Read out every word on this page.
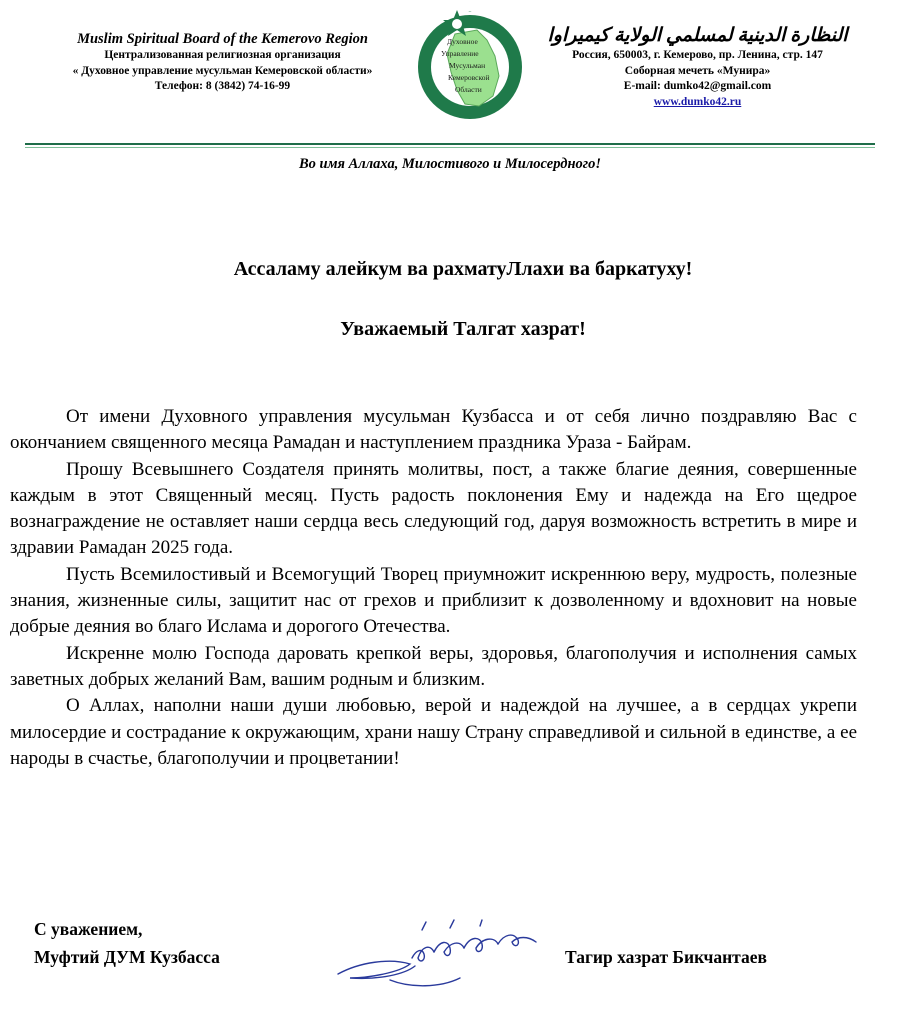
Muslim Spiritual Board of the Kemerovo Region
Централизованная религиозная организация
« Духовное управление мусульман Кемеровской области»
Телефон: 8 (3842) 74-16-99
~
Духовное
Управление
Мусульман
Кемеровской
Области
النظارة الدينية لمسلمي الولاية كيميراوا
Россия, 650003, г. Кемерово, пр. Ленина, стр. 147
Соборная мечеть «Мунира»
E-mail: dumko42@gmail.com
www.dumko42.ru
Во имя Аллаха, Милостивого и Милосердного!
Ассаламу алейкум ва рахматуЛлахи ва баркатуху!
Уважаемый Талгат хазрат!

От имени Духовного управления мусульман Кузбасса и от себя лично поздравляю Вас с окончанием священного месяца Рамадан и наступлением праздника Ураза - Байрам.

Прошу Всевышнего Создателя принять молитвы, пост, а также благие деяния, совершенные каждым в этот Священный месяц. Пусть радость поклонения Ему и надежда на Его щедрое вознаграждение не оставляет наши сердца весь следующий год, даруя возможность встретить в мире и здравии Рамадан 2025 года.

Пусть Всемилостивый и Всемогущий Творец приумножит искреннюю веру, мудрость, полезные знания, жизненные силы, защитит нас от грехов и приблизит к дозволенному и вдохновит на новые добрые деяния во благо Ислама и дорогого Отечества.

Искренне молю Господа даровать крепкой веры, здоровья, благополучия и исполнения самых заветных добрых желаний Вам, вашим родным и близким.

О Аллах, наполни наши души любовью, верой и надеждой на лучшее, а в сердцах укрепи милосердие и сострадание к окружающим, храни нашу Страну справедливой и сильной в единстве, а ее народы в счастье, благополучии и процветании!

С уважением,
Муфтий ДУМ Кузбасса	Тагир хазрат Бикчантаев
